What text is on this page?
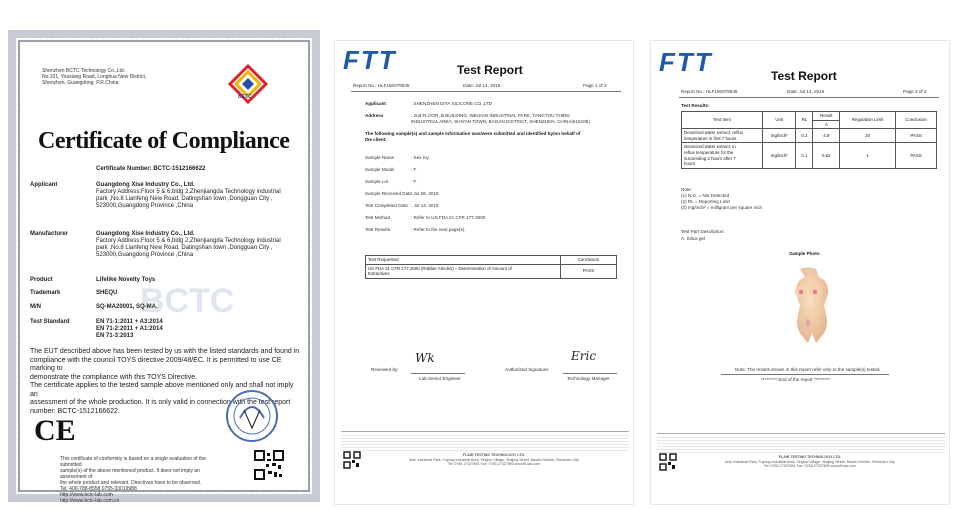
Shenzhen BCTC Technology Co.,Ltd.
No.101, Youxiang Road, Longhua New District,
Shenzhen, Guangdong, P.R.China
BCTC
Certificate of Compliance
Certificate Number: BCTC-1512166622
BCTC
Applicant	Guangdong Xise Industry Co., Ltd.
Factory Address:Floor 5 & 6,bldg 2,Zhenjiangda Technology industrial
park ,No.8 Lianfeng New Road, Datingshan town ,Dongguan City ,
523000,Guangdong Province ,China
Manufacturer	Guangdong Xise Industry Co., Ltd.
Factory Address:Floor 5 & 6,bldg 2,Zhenjiangda Technology industrial
park ,No.8 Lianfeng New Road, Datingshan town ,Dongguan City ,
523000,Guangdong Province ,China
Product	Lifelike Novelty Toys
Trademark	SHEQU
M/N	SQ-MA20001, SQ-MA.
Test Standard	EN 71-1:2011 + A3:2014
EN 71-2:2011 + A1:2014
EN 71-3:2013
The EUT described above has been tested by us with the listed standards and found in
compliance with the council TOYS directive 2009/48/EC. It is permitted to use CE marking to
demonstrate the compliance with this TOYS Directive.
The certificate applies to the tested sample above mentioned only and shall not imply an
assessment of the whole production. It is only valid in connection with the test report
number: BCTC-1512166622.
CE
This certificate of conformity is based on a single evaluation of the submitted
sample(s) of the above mentioned product. It does not imply an assessment of
the whole product and relevant. Directives have to be observed.
Tel: 400-788-8558 0755-33019988
http://www.bctc-lab.com
http://www.bctc-lab.com.cn
FTT	Test Report
Report No.: HLF150078635	Date: Jul 14, 2015	Page 1 of 2
Applicant	: SHENZHEN DIYA SILICONE CO.,LTD
Address	: 2nd FLOOR, B BUILDING, WEIJIAN INDUSTRIAL PARK, TANGTOU THIRD
INDUSTRIAL AREA, SHIYAN TOWN, BAOAN DISTRICT, SHENZHEN, CHINA(518108)
The following sample(s) and sample information was/were submitted and identified by/on behalf of
the client:
Sample Name	: Sex toy
Sample Model	: F
Sample Lot	: F
Sample Received Date : Jul 06, 2015
Test Completed Date : Jul 14, 2015
Test Method	: Refer to US FDA 21 CFR 177.2600
Test Results	: Refer to the next page(s).
Test Requested	Conclusion
US FDA 21 CFR 177.2600 (Rubber Articles) – Determination of Amount of
Extractives	PASS
Wk	Eric
Reviewed by:	Authorized Signature:
Lab Senior Engineer	Technology Manager
FLAIR TESTING TECHNOLOGY LTD.
Add: Industrial Park, Fuyong Industrial Area, Yingtou Village, Shajing Street, BaoAn District, Shenzhen City
Tel: 0755-27327891 Fax: 0755-27327893 www.ftt-lab.com
FTT	Test Report
Report No.: HLF150078635	Date: Jul 14, 2015	Page 2 of 2
Test Results:
Test Item	Unit	RL	Result	Regulation Limit	Conclusion
			A		
Deionized water extract, reflux
temperature in first 7 hours	mg/inch²	0.1	4.8	20	PASS
Deionized water extract, in
reflux temperature for the
succeeding 2 hours after 7
hours	mg/inch²	0.1	0.52	1	PASS
Note:
(1) N.D. = Not Detected
(2) RL = Reporting Limit
(3) mg/inch² = milligram per square inch
Test Part Description:
A. Silica gel
Sample Photo
Note: The results shown in this report refer only to the sample(s) tested.
********* End of the report *********
FLAIR TESTING TECHNOLOGY LTD.
Add: Industrial Park, Fuyong Industrial Area, Yingtou Village, Shajing Street, BaoAn District, Shenzhen City
Tel: 0755-27327891 Fax: 0755-27327893 www.ftt-lab.com
